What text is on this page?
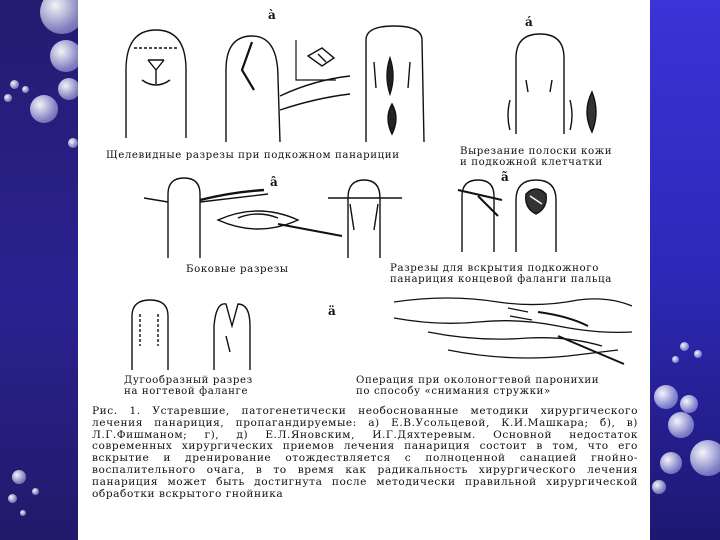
à	á
â	ã
ä
Щелевидные разрезы при подкожном панариции	Вырезание полоски кожи
и подкожной клетчатки
Боковые разрезы	Разрезы для вскрытия подкожного
панариция концевой фаланги пальца
Дугообразный разрез
на ногтевой фаланге
Операция при околоногтевой паронихии
по способу «снимания стружки»

Рис. 1. Устаревшие, патогенетически необоснованные методики хирургического лечения панариция, пропагандируемые: а) Е.В.Усольцевой, К.И.Машкара; б), в) Л.Г.Фишманом; г), д) Е.Л.Яновским, И.Г.Дяхтеревым. Основной недостаток современных хирургических приемов лечения панариция состоит в том, что его вскрытие и дренирование отождествляется с полноценной санацией гнойно-воспалительного очага, в то время как радикальность хирургического лечения панариция может быть достигнута после методически правильной хирургической обработки вскрытого гнойника
